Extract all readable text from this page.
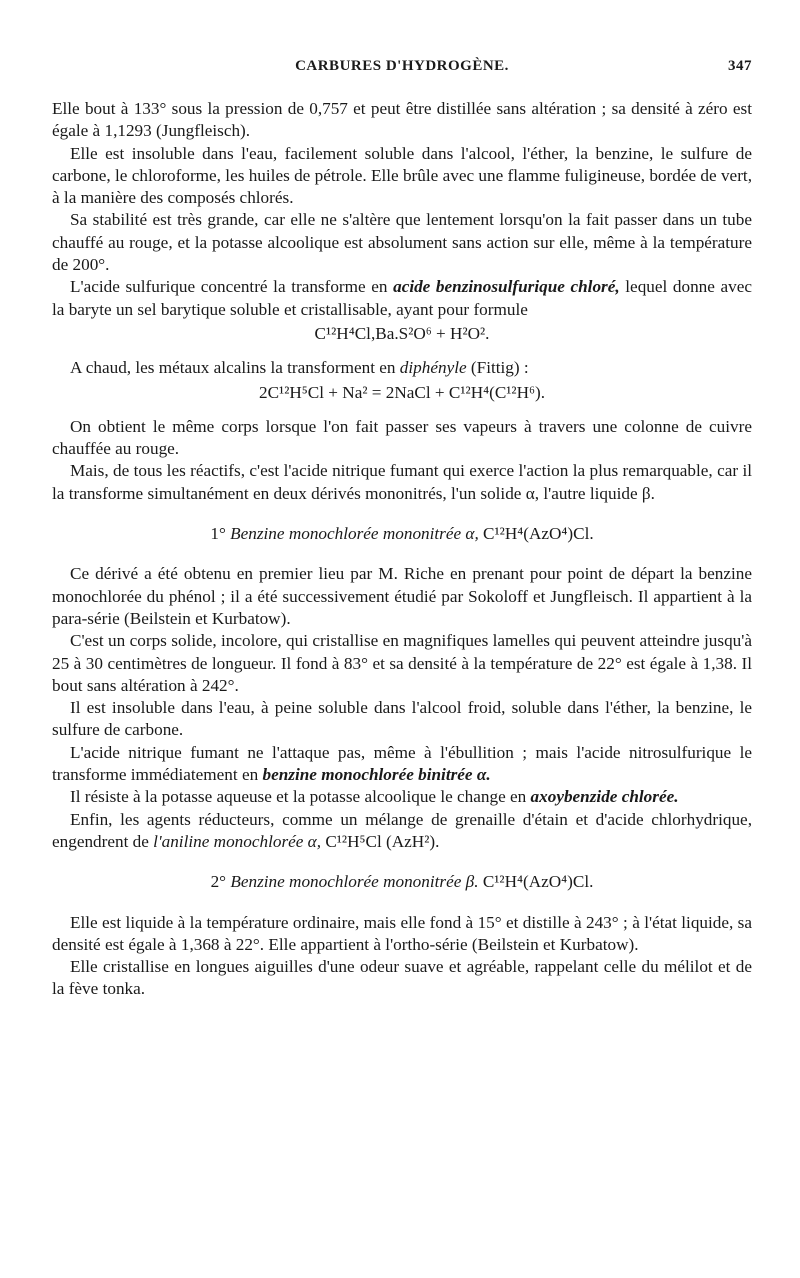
CARBURES D'HYDROGÈNE.	347

Elle bout à 133° sous la pression de 0,757 et peut être distillée sans altération ; sa densité à zéro est égale à 1,1293 (Jungfleisch).

Elle est insoluble dans l'eau, facilement soluble dans l'alcool, l'éther, la benzine, le sulfure de carbone, le chloroforme, les huiles de pétrole. Elle brûle avec une flamme fuligineuse, bordée de vert, à la manière des composés chlorés.

Sa stabilité est très grande, car elle ne s'altère que lentement lorsqu'on la fait passer dans un tube chauffé au rouge, et la potasse alcoolique est absolument sans action sur elle, même à la température de 200°.

L'acide sulfurique concentré la transforme en acide benzinosulfurique chloré, lequel donne avec la baryte un sel barytique soluble et cristallisable, ayant pour formule

C¹²H⁴Cl,Ba.S²O⁶ + H²O².

A chaud, les métaux alcalins la transforment en diphényle (Fittig) :

2C¹²H⁵Cl + Na² = 2NaCl + C¹²H⁴(C¹²H⁶).

On obtient le même corps lorsque l'on fait passer ses vapeurs à travers une colonne de cuivre chauffée au rouge.

Mais, de tous les réactifs, c'est l'acide nitrique fumant qui exerce l'action la plus remarquable, car il la transforme simultanément en deux dérivés mononitrés, l'un solide α, l'autre liquide β.

1° Benzine monochlorée mononitrée α, C¹²H⁴(AzO⁴)Cl.

Ce dérivé a été obtenu en premier lieu par M. Riche en prenant pour point de départ la benzine monochlorée du phénol ; il a été successivement étudié par Sokoloff et Jungfleisch. Il appartient à la para-série (Beilstein et Kurbatow).

C'est un corps solide, incolore, qui cristallise en magnifiques lamelles qui peuvent atteindre jusqu'à 25 à 30 centimètres de longueur. Il fond à 83° et sa densité à la température de 22° est égale à 1,38. Il bout sans altération à 242°.

Il est insoluble dans l'eau, à peine soluble dans l'alcool froid, soluble dans l'éther, la benzine, le sulfure de carbone.

L'acide nitrique fumant ne l'attaque pas, même à l'ébullition ; mais l'acide nitrosulfurique le transforme immédiatement en benzine monochlorée binitrée α.

Il résiste à la potasse aqueuse et la potasse alcoolique le change en axoybenzide chlorée.

Enfin, les agents réducteurs, comme un mélange de grenaille d'étain et d'acide chlorhydrique, engendrent de l'aniline monochlorée α, C¹²H⁵Cl (AzH²).

2° Benzine monochlorée mononitrée β. C¹²H⁴(AzO⁴)Cl.

Elle est liquide à la température ordinaire, mais elle fond à 15° et distille à 243° ; à l'état liquide, sa densité est égale à 1,368 à 22°. Elle appartient à l'ortho-série (Beilstein et Kurbatow).

Elle cristallise en longues aiguilles d'une odeur suave et agréable, rappelant celle du mélilot et de la fève tonka.
